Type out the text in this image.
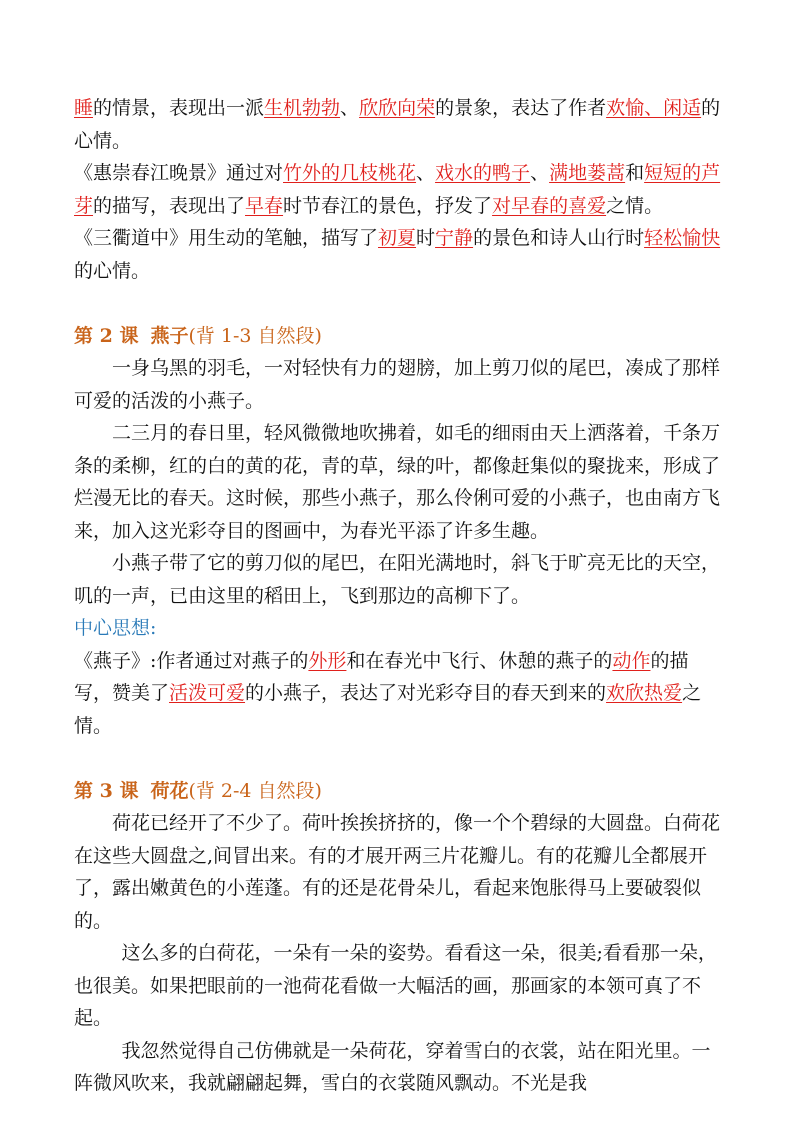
睡的情景，表现出一派生机勃勃、欣欣向荣的景象，表达了作者欢愉、闲适的心情。

《惠崇春江晚景》通过对竹外的几枝桃花、戏水的鸭子、满地蒌蒿和短短的芦芽的描写，表现出了早春时节春江的景色，抒发了对早春的喜爱之情。

《三衢道中》用生动的笔触，描写了初夏时宁静的景色和诗人山行时轻松愉快的心情。

第 2 课 燕子(背 1-3 自然段)

一身乌黑的羽毛，一对轻快有力的翅膀，加上剪刀似的尾巴，凑成了那样可爱的活泼的小燕子。

二三月的春日里，轻风微微地吹拂着，如毛的细雨由天上洒落着，千条万条的柔柳，红的白的黄的花，青的草，绿的叶，都像赶集似的聚拢来，形成了烂漫无比的春天。这时候，那些小燕子，那么伶俐可爱的小燕子，也由南方飞来，加入这光彩夺目的图画中，为春光平添了许多生趣。

小燕子带了它的剪刀似的尾巴，在阳光满地时，斜飞于旷亮无比的天空，叽的一声，已由这里的稻田上，飞到那边的高柳下了。

中心思想:

《燕子》:作者通过对燕子的外形和在春光中飞行、休憩的燕子的动作的描写，赞美了活泼可爱的小燕子，表达了对光彩夺目的春天到来的欢欣热爱之情。

第 3 课 荷花(背 2-4 自然段)

荷花已经开了不少了。荷叶挨挨挤挤的，像一个个碧绿的大圆盘。白荷花在这些大圆盘之,间冒出来。有的才展开两三片花瓣儿。有的花瓣儿全都展开了，露出嫩黄色的小莲蓬。有的还是花骨朵儿，看起来饱胀得马上要破裂似的。

这么多的白荷花，一朵有一朵的姿势。看看这一朵，很美;看看那一朵，也很美。如果把眼前的一池荷花看做一大幅活的画，那画家的本领可真了不起。

我忽然觉得自己仿佛就是一朵荷花，穿着雪白的衣裳，站在阳光里。一阵微风吹来，我就翩翩起舞，雪白的衣裳随风飘动。不光是我
